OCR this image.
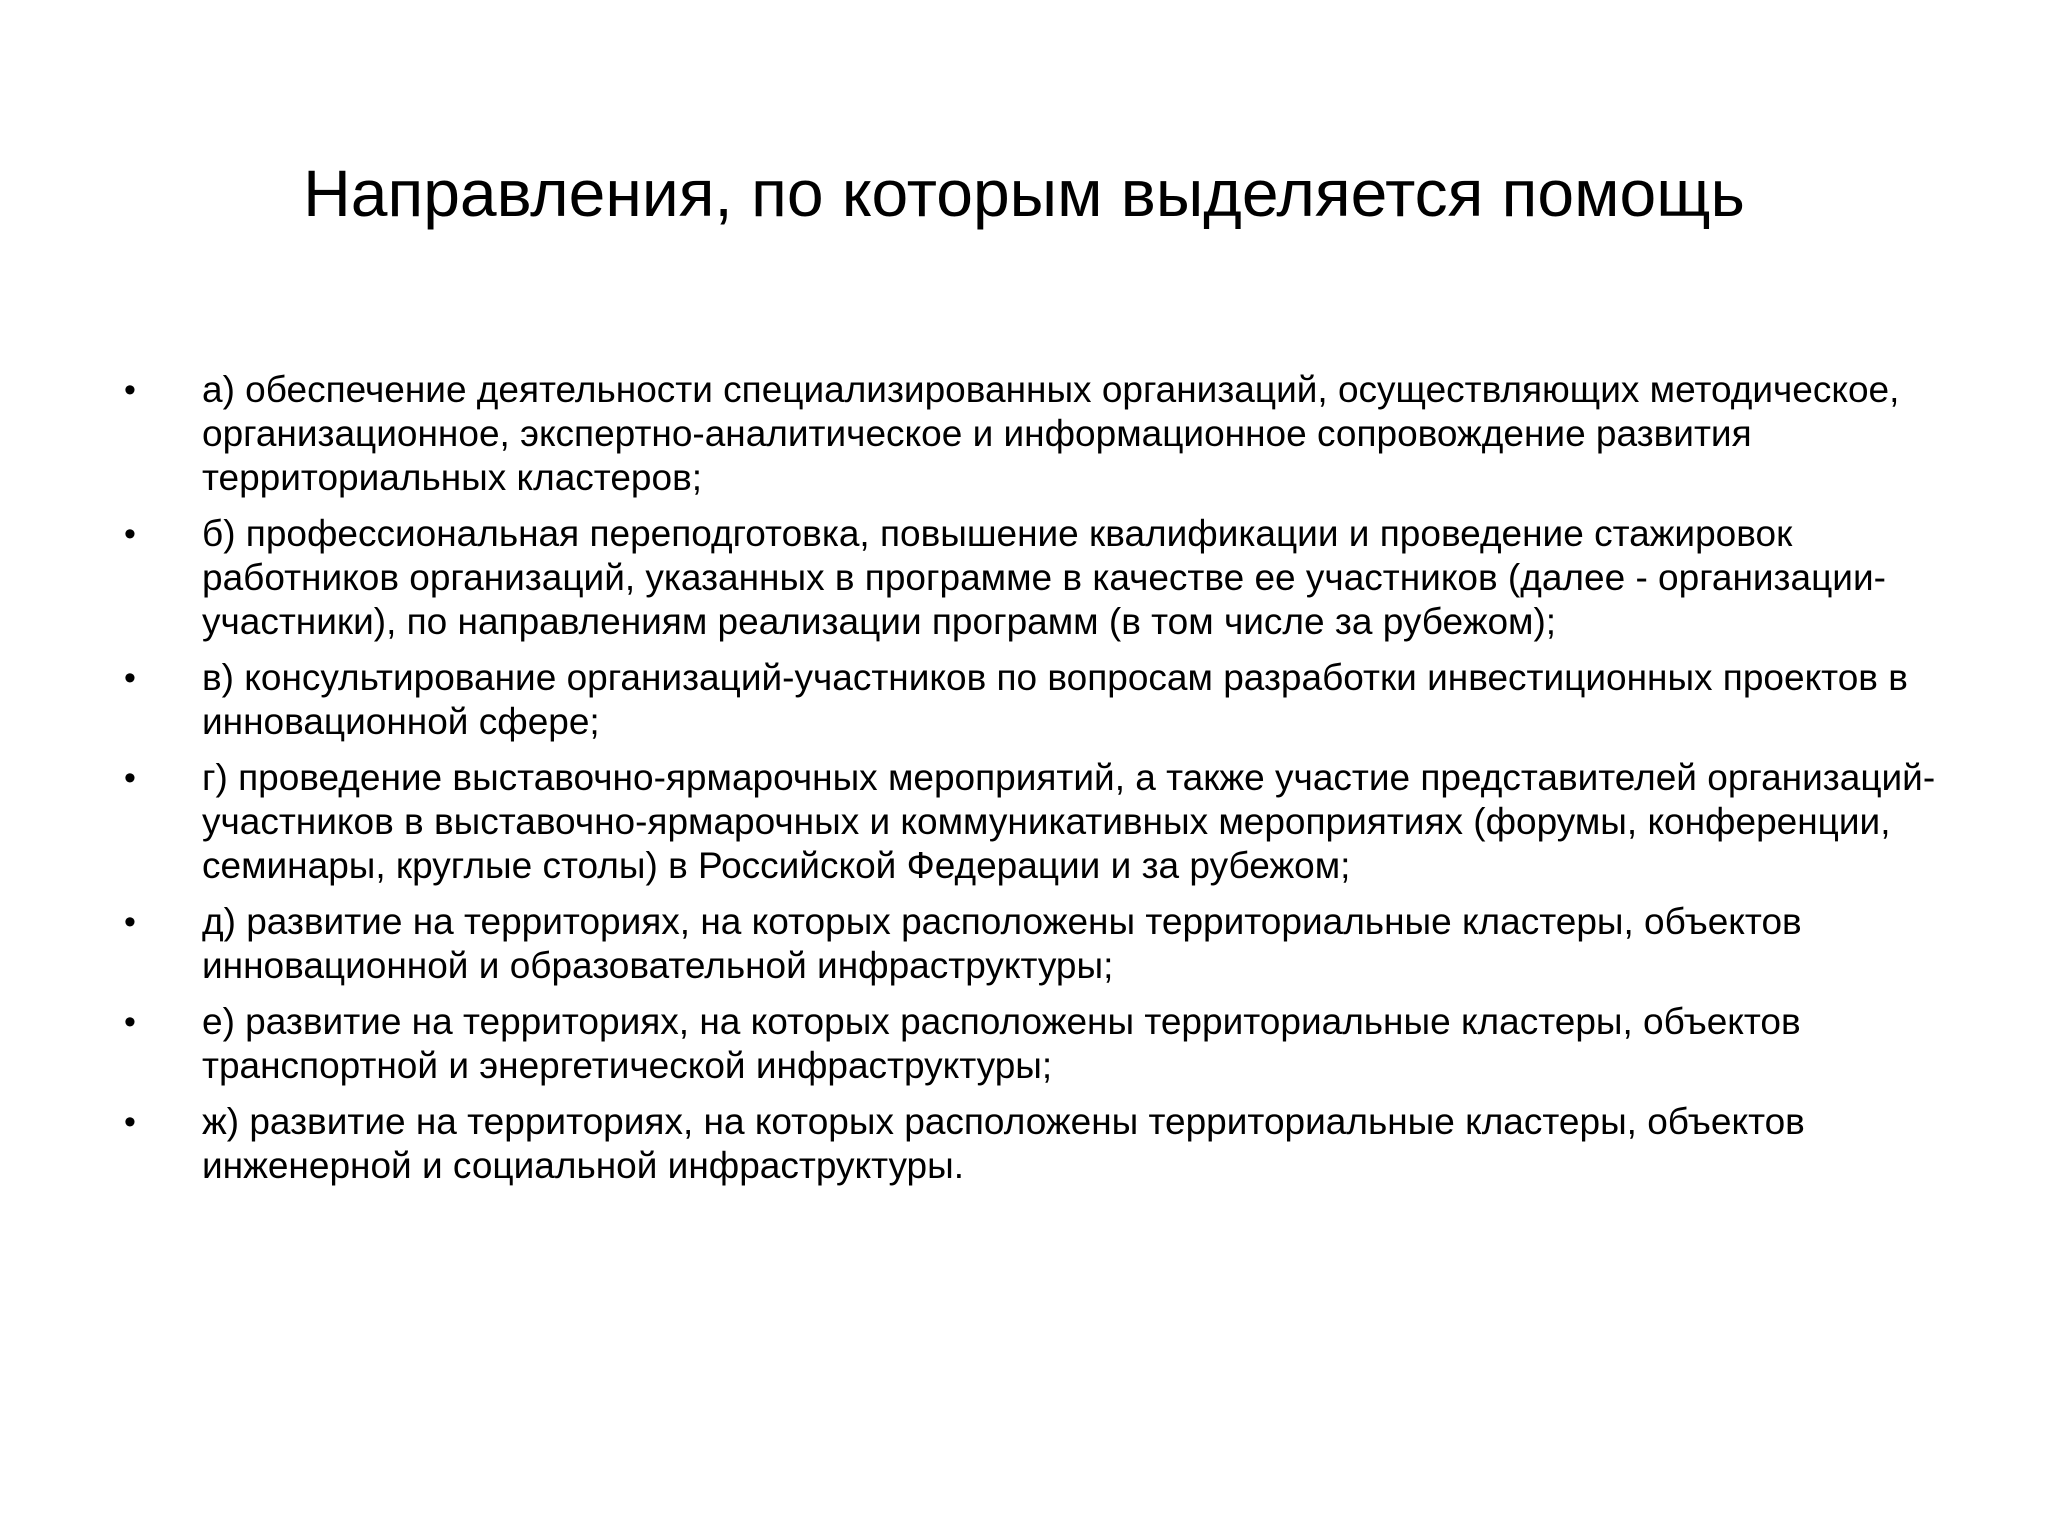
Направления, по которым выделяется помощь
•	а) обеспечение деятельности специализированных организаций, осуществляющих методическое, организационное, экспертно-аналитическое и информационное сопровождение развития территориальных кластеров;
•	б) профессиональная переподготовка, повышение квалификации и проведение стажировок работников организаций, указанных в программе в качестве ее участников (далее - организации-участники), по направлениям реализации программ (в том числе за рубежом);
•	в) консультирование организаций-участников по вопросам разработки инвестиционных проектов в инновационной сфере;
•	г) проведение выставочно-ярмарочных мероприятий, а также участие представителей организаций-участников в выставочно-ярмарочных и коммуникативных мероприятиях (форумы, конференции, семинары, круглые столы) в Российской Федерации и за рубежом;
•	д) развитие на территориях, на которых расположены территориальные кластеры, объектов инновационной и образовательной инфраструктуры;
•	е) развитие на территориях, на которых расположены территориальные кластеры, объектов транспортной и энергетической инфраструктуры;
•	ж) развитие на территориях, на которых расположены территориальные кластеры, объектов инженерной и социальной инфраструктуры.
